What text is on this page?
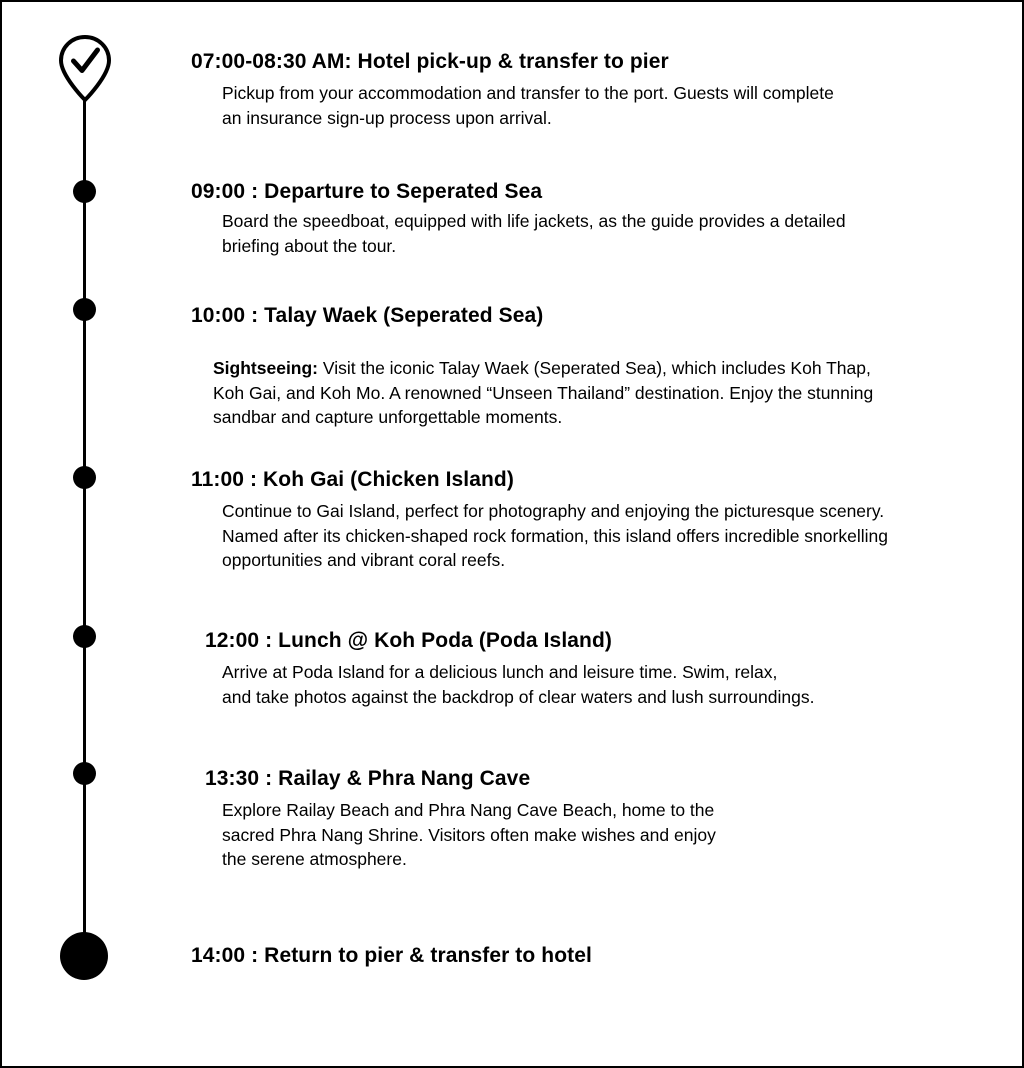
07:00-08:30 AM: Hotel pick-up & transfer to pier
Pickup from your accommodation and transfer to the port. Guests will complete
an insurance sign-up process upon arrival.
09:00 : Departure to Seperated Sea
Board the speedboat, equipped with life jackets, as the guide provides a detailed
briefing about the tour.
10:00 : Talay Waek (Seperated Sea)
Sightseeing: Visit the iconic Talay Waek (Seperated Sea), which includes Koh Thap,
Koh Gai, and Koh Mo. A renowned “Unseen Thailand” destination. Enjoy the stunning
sandbar and capture unforgettable moments.
11:00 : Koh Gai (Chicken Island)
Continue to Gai Island, perfect for photography and enjoying the picturesque scenery.
Named after its chicken-shaped rock formation, this island offers incredible snorkelling
opportunities and vibrant coral reefs.
12:00 : Lunch @ Koh Poda (Poda Island)
Arrive at Poda Island for a delicious lunch and leisure time. Swim, relax,
and take photos against the backdrop of clear waters and lush surroundings.
13:30 : Railay & Phra Nang Cave
Explore Railay Beach and Phra Nang Cave Beach, home to the
sacred Phra Nang Shrine. Visitors often make wishes and enjoy
the serene atmosphere.
14:00 : Return to pier & transfer to hotel
